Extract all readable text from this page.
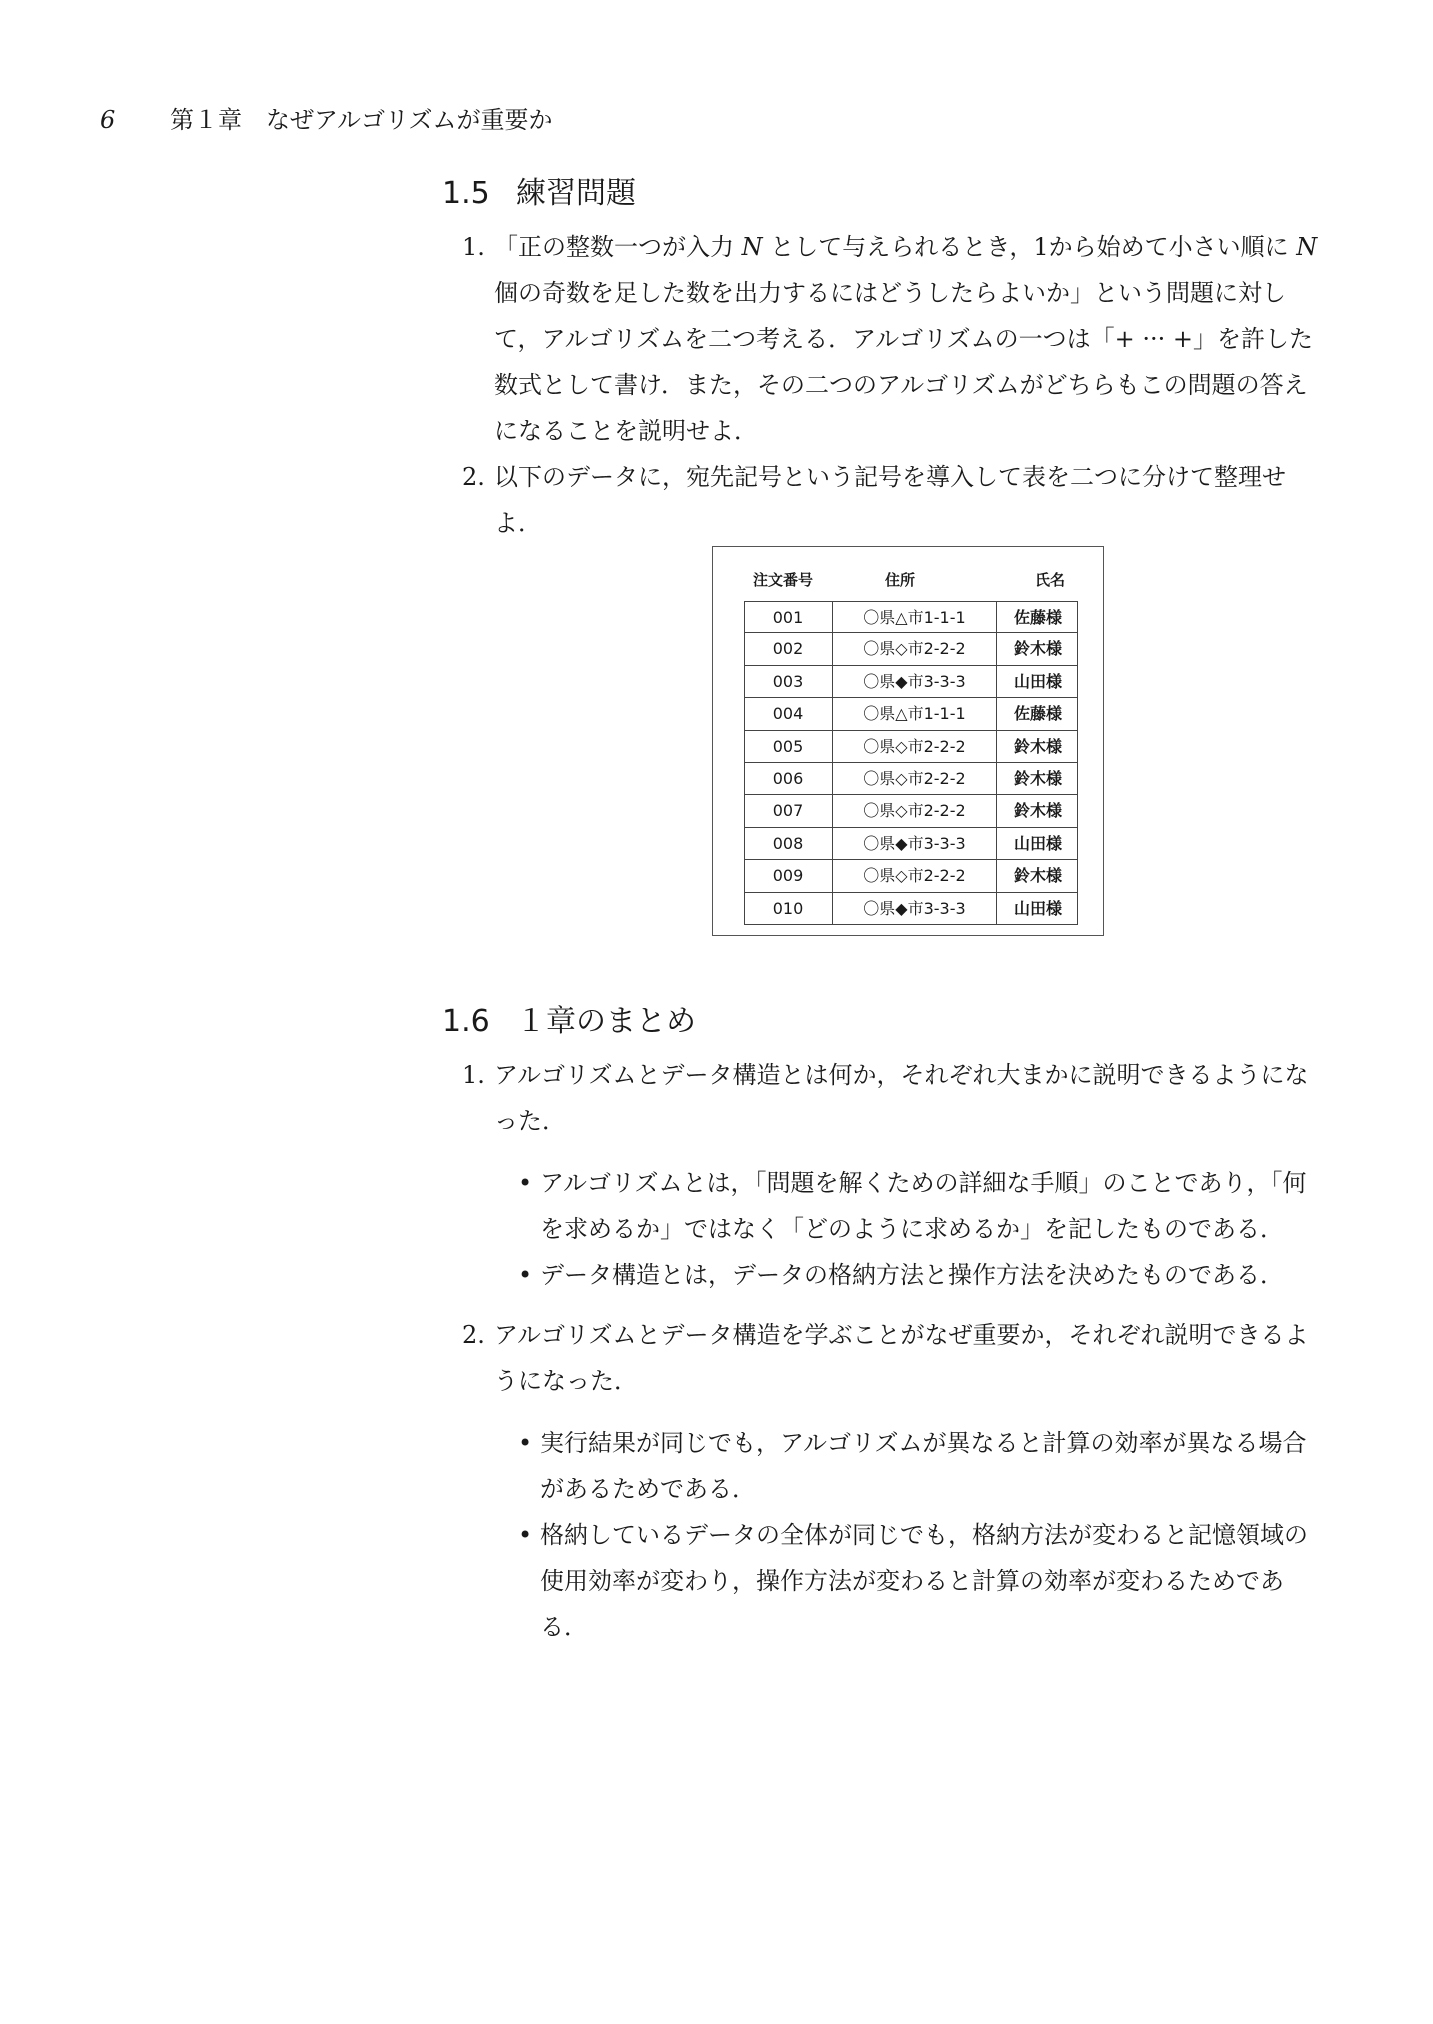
6 第１章　なぜアルゴリズムが重要か
1.5 練習問題
1. 「正の整数一つが入力 N として与えられるとき，1から始めて小さい順に N 個の奇数を足した数を出力するにはどうしたらよいか」という問題に対して，アルゴリズムを二つ考える．アルゴリズムの一つは「+ ··· +」を許した数式として書け．また，その二つのアルゴリズムがどちらもこの問題の答えになることを説明せよ．
2. 以下のデータに，宛先記号という記号を導入して表を二つに分けて整理せよ．
注文番号	住所	氏名
001	〇県△市1-1-1	佐藤様
002	〇県◇市2-2-2	鈴木様
003	〇県◆市3-3-3	山田様
004	〇県△市1-1-1	佐藤様
005	〇県◇市2-2-2	鈴木様
006	〇県◇市2-2-2	鈴木様
007	〇県◇市2-2-2	鈴木様
008	〇県◆市3-3-3	山田様
009	〇県◇市2-2-2	鈴木様
010	〇県◆市3-3-3	山田様
1.6 １章のまとめ
1. アルゴリズムとデータ構造とは何か，それぞれ大まかに説明できるようになった．
• アルゴリズムとは，「問題を解くための詳細な手順」のことであり，「何を求めるか」ではなく「どのように求めるか」を記したものである．
• データ構造とは，データの格納方法と操作方法を決めたものである．
2. アルゴリズムとデータ構造を学ぶことがなぜ重要か，それぞれ説明できるようになった．
• 実行結果が同じでも，アルゴリズムが異なると計算の効率が異なる場合があるためである．
• 格納しているデータの全体が同じでも，格納方法が変わると記憶領域の使用効率が変わり，操作方法が変わると計算の効率が変わるためである．
